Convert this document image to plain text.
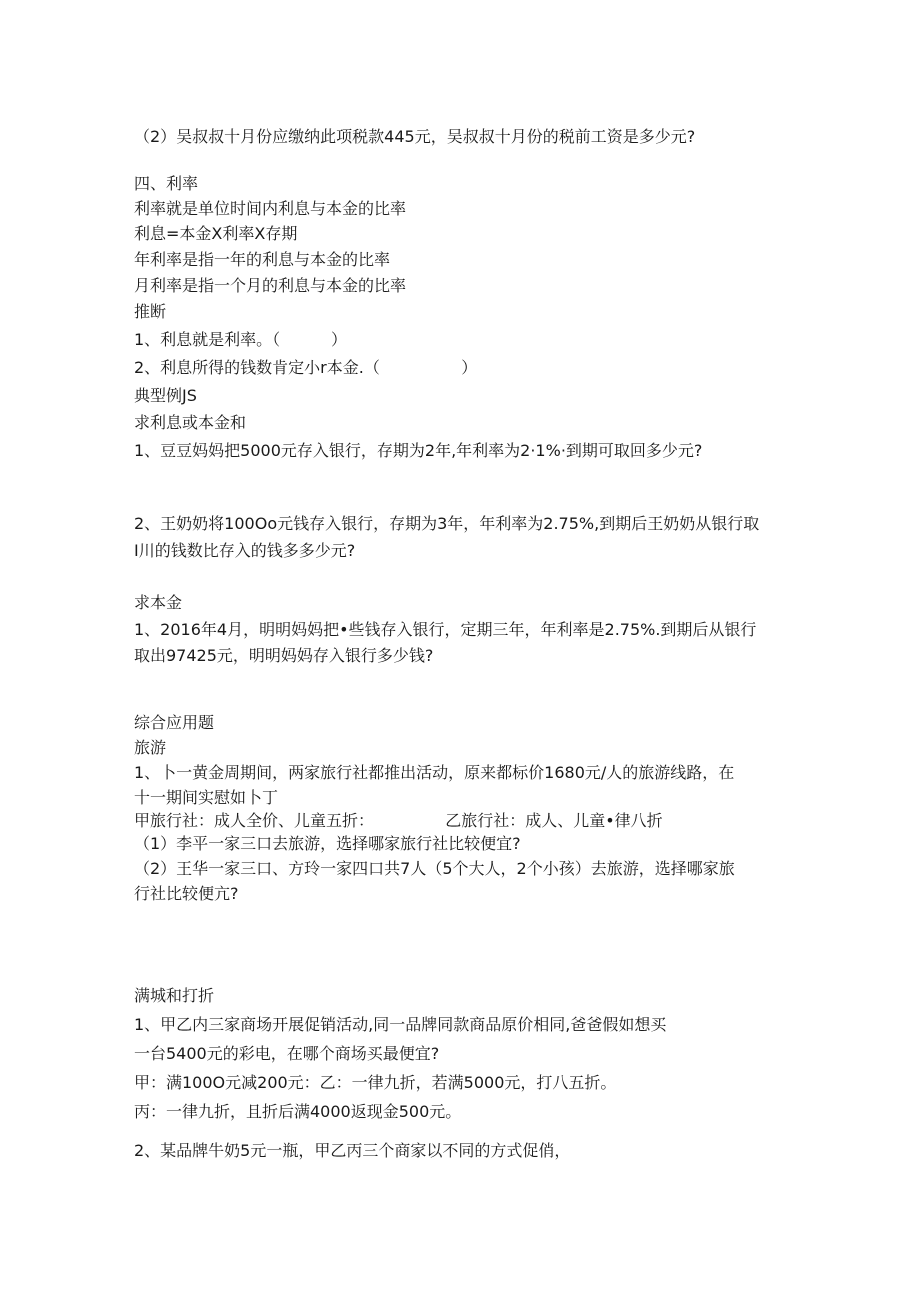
（2）吴叔叔十月份应缴纳此项税款445元，吴叔叔十月份的税前工资是多少元?
四、利率
利率就是单位时间内利息与本金的比率
利息=本金X利率X存期
年利率是指一年的利息与本金的比率
月利率是指一个月的利息与本金的比率
推断
1、利息就是利率。（          ）
2、利息所得的钱数肯定小r本金.（                ）
典型例JS
求利息或本金和
1、豆豆妈妈把5000元存入银行，存期为2年,年利率为2·1%·到期可取回多少元?
2、王奶奶将100Oo元钱存入银行，存期为3年，年利率为2.75%,到期后王奶奶从银行取
I川的钱数比存入的钱多多少元?
求本金
1、2016年4月，明明妈妈把•些钱存入银行，定期三年，年利率是2.75%.到期后从银行
取出97425元，明明妈妈存入银行多少钱?
综合应用题
旅游
1、卜一黄金周期间，两家旅行社都推出活动，原来都标价1680元/人的旅游线路，在
十一期间实慰如卜丁
甲旅行社：成人全价、儿童五折：              乙旅行社：成人、儿童•律八折
（1）李平一家三口去旅游，选择哪家旅行社比较便宜?
（2）王华一家三口、方玲一家四口共7人（5个大人，2个小孩）去旅游，选择哪家旅
行社比较便亢?
满城和打折
1、甲乙内三家商场开展促销活动,同一品牌同款商品原价相同,爸爸假如想买
一台5400元的彩电，在哪个商场买最便宜?
甲：满100O元减200元：乙：一律九折，若满5000元，打八五折。
丙：一律九折，且折后满4000返现金500元。
2、某品牌牛奶5元一瓶，甲乙丙三个商家以不同的方式促俏，
